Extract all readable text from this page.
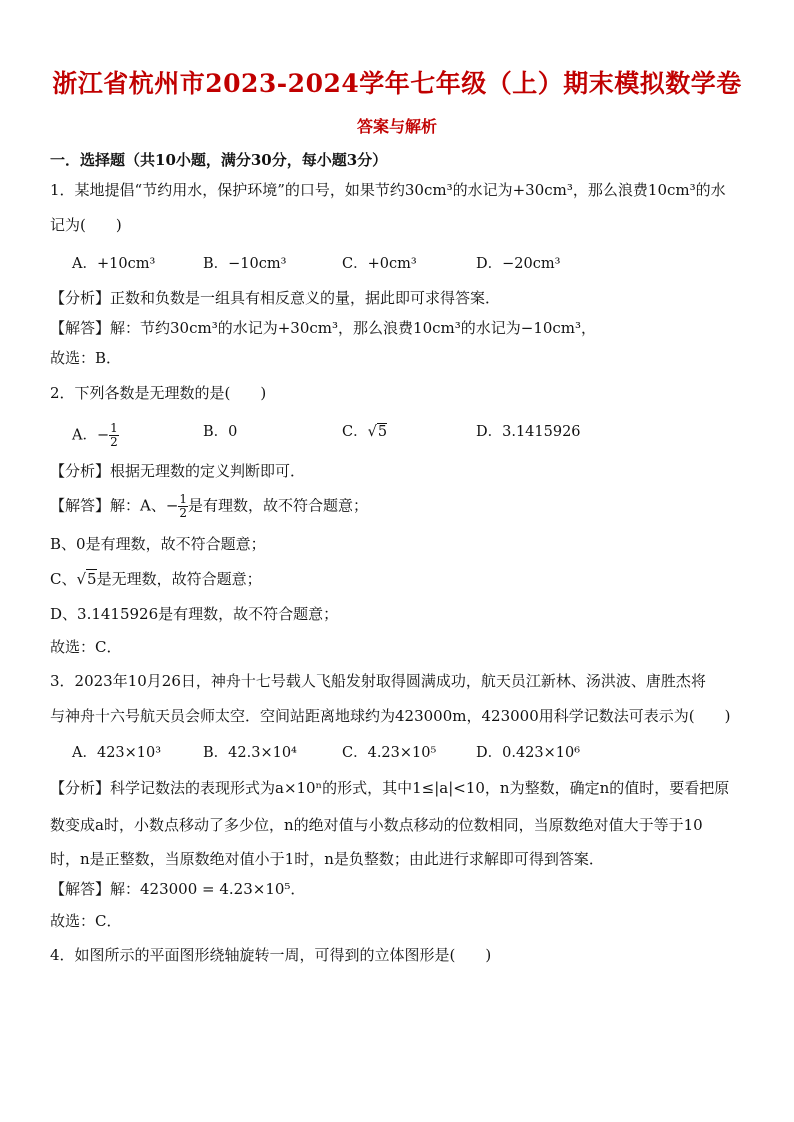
浙江省杭州市2023-2024学年七年级（上）期末模拟数学卷
答案与解析
一．选择题（共10小题，满分30分，每小题3分）
1．某地提倡“节约用水，保护环境”的口号，如果节约30cm³的水记为+30cm³，那么浪费10cm³的水
记为(　　)
A．+10cm³	B．−10cm³	C．+0cm³	D．−20cm³
【分析】正数和负数是一组具有相反意义的量，据此即可求得答案．
【解答】解：节约30cm³的水记为+30cm³，那么浪费10cm³的水记为−10cm³，
故选：B．
2．下列各数是无理数的是(　　)
A．− $\frac{1}{2}$	B．0	C．√5	D．3.1415926
【分析】根据无理数的定义判断即可．
【解答】解：A、− $\frac{1}{2}$ 是有理数，故不符合题意；
B、0是有理数，故不符合题意；
C、√5是无理数，故符合题意；
D、3.1415926是有理数，故不符合题意；
故选：C．
3．2023年10月26日，神舟十七号载人飞船发射取得圆满成功，航天员江新林、汤洪波、唐胜杰将
与神舟十六号航天员会师太空．空间站距离地球约为423000m，423000用科学记数法可表示为(　　)
A．423×10³	B．42.3×10⁴	C．4.23×10⁵	D．0.423×10⁶
【分析】科学记数法的表现形式为a×10ⁿ的形式，其中1≤|a|<10，n为整数，确定n的值时，要看把原
数变成a时，小数点移动了多少位，n的绝对值与小数点移动的位数相同，当原数绝对值大于等于10
时，n是正整数，当原数绝对值小于1时，n是负整数；由此进行求解即可得到答案．
【解答】解：423000 = 4.23×10⁵．
故选：C．
4．如图所示的平面图形绕轴旋转一周，可得到的立体图形是(　　)
